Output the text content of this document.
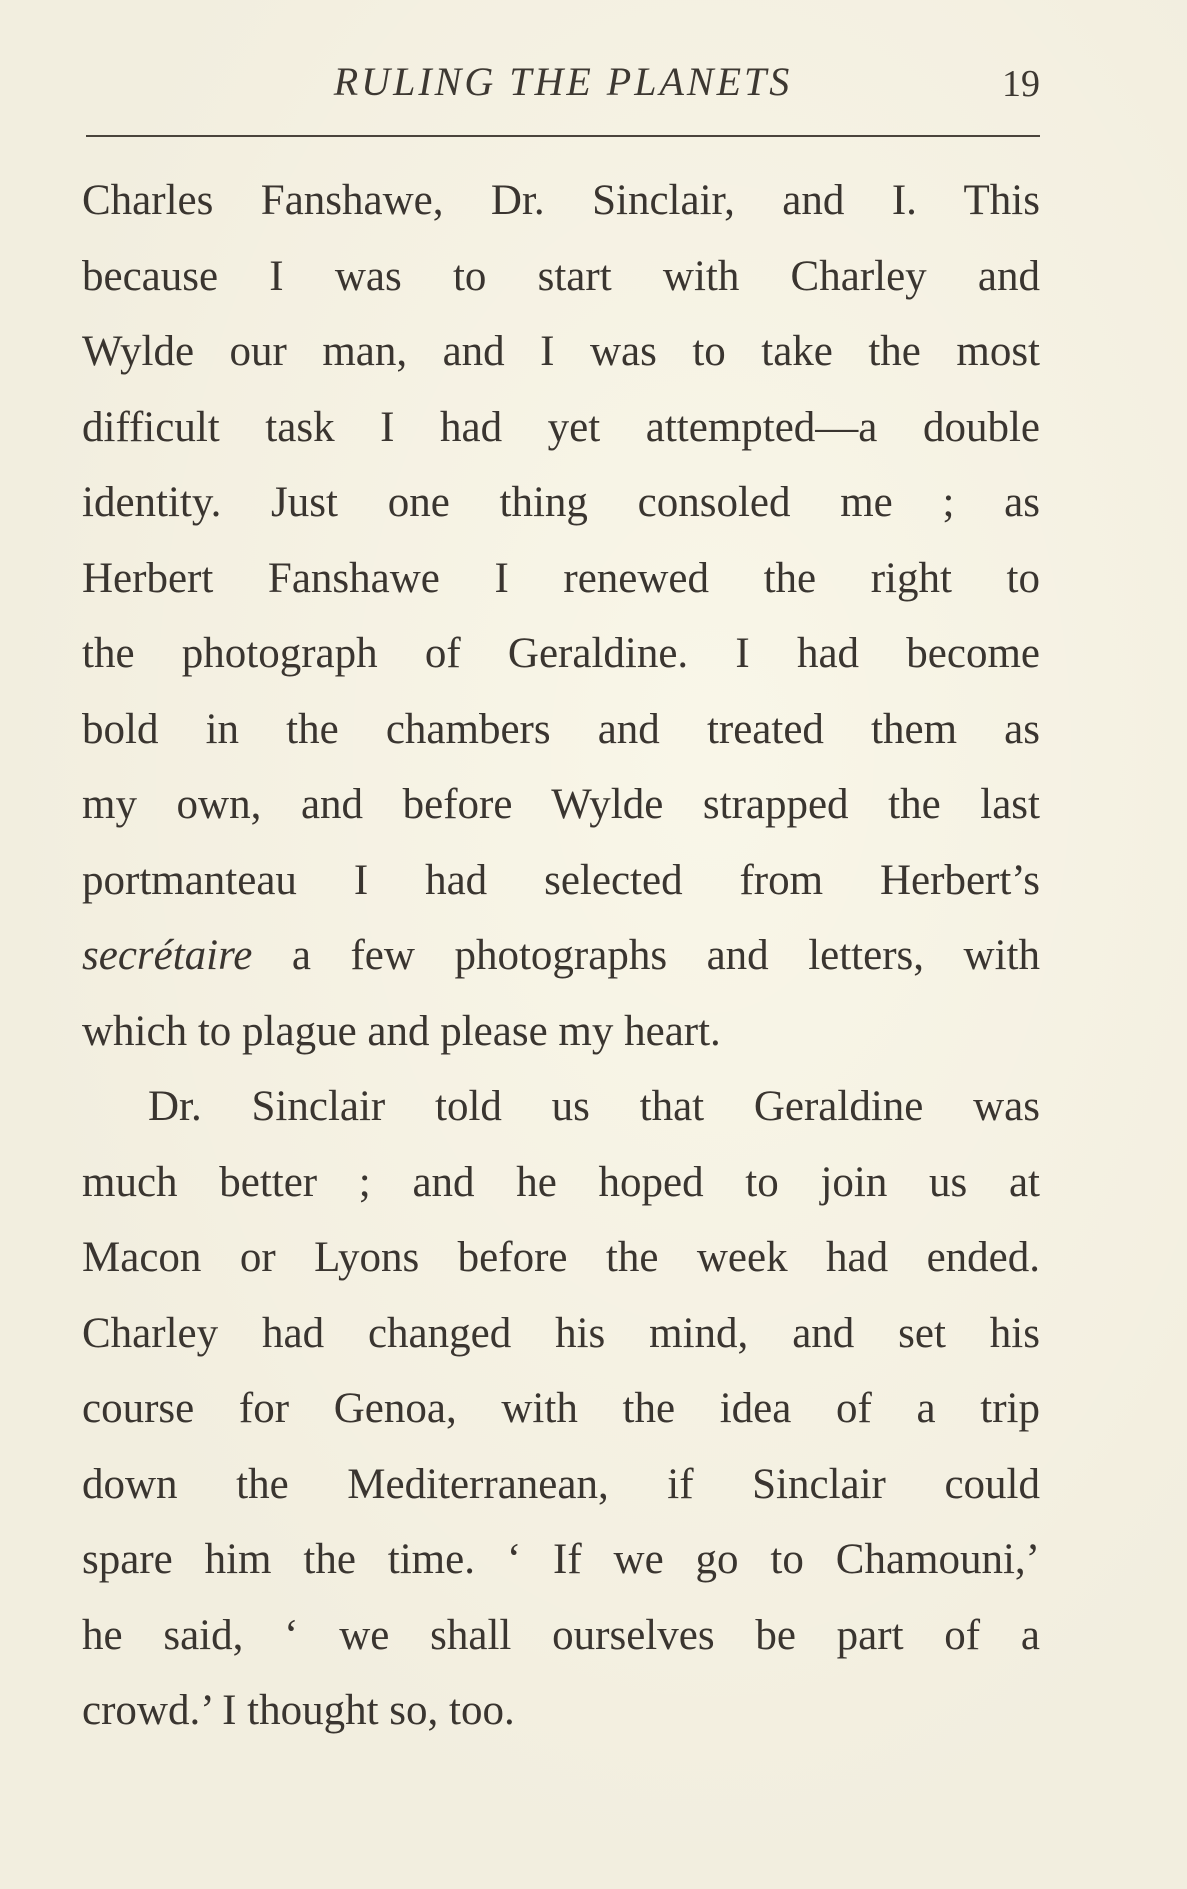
RULING THE PLANETS	19
Charles Fanshawe, Dr. Sinclair, and I. This
because I was to start with Charley and
Wylde our man, and I was to take the most
difficult task I had yet attempted—a double
identity. Just one thing consoled me ; as
Herbert Fanshawe I renewed the right to
the photograph of Geraldine. I had become
bold in the chambers and treated them as
my own, and before Wylde strapped the last
portmanteau I had selected from Herbert’s
secrétaire a few photographs and letters, with
which to plague and please my heart.
Dr. Sinclair told us that Geraldine was
much better ; and he hoped to join us at
Macon or Lyons before the week had ended.
Charley had changed his mind, and set his
course for Genoa, with the idea of a trip
down the Mediterranean, if Sinclair could
spare him the time. ‘ If we go to Chamouni,’
he said, ‘ we shall ourselves be part of a
crowd.’ I thought so, too.
